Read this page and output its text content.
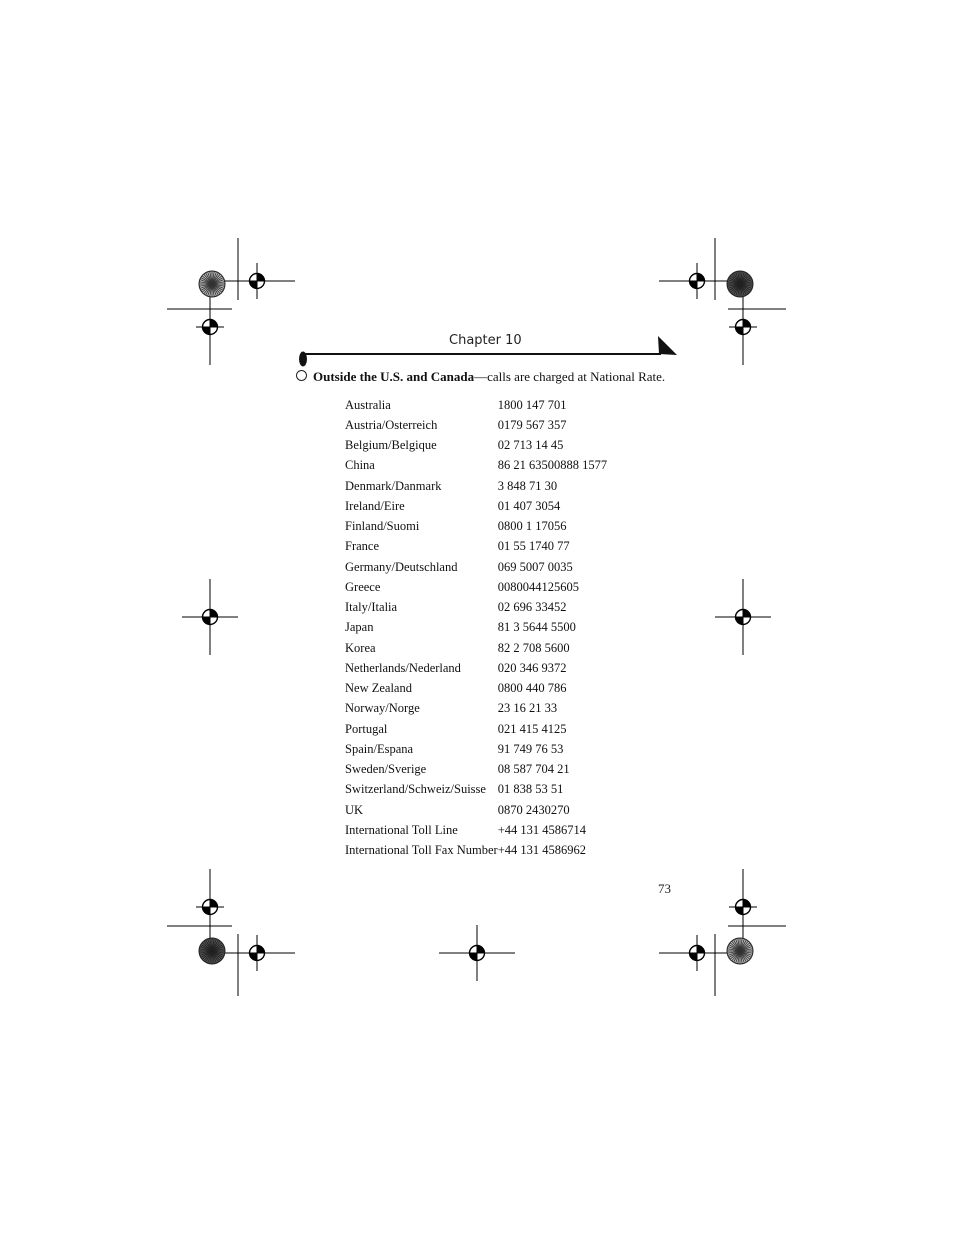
Chapter 10
Outside the U.S. and Canada—calls are charged at National Rate.
Australia	1800 147 701
Austria/Osterreich	0179 567 357
Belgium/Belgique	02 713 14 45
China	86 21 63500888 1577
Denmark/Danmark	3 848 71 30
Ireland/Eire	01 407 3054
Finland/Suomi	0800 1 17056
France	01 55 1740 77
Germany/Deutschland	069 5007 0035
Greece	0080044125605
Italy/Italia	02 696 33452
Japan	81 3 5644 5500
Korea	82 2 708 5600
Netherlands/Nederland	020 346 9372
New Zealand	0800 440 786
Norway/Norge	23 16 21 33
Portugal	021 415 4125
Spain/Espana	91 749 76 53
Sweden/Sverige	08 587 704 21
Switzerland/Schweiz/Suisse	01 838 53 51
UK	0870 2430270
International Toll Line	+44 131 4586714
International Toll Fax Number	+44 131 4586962
73
